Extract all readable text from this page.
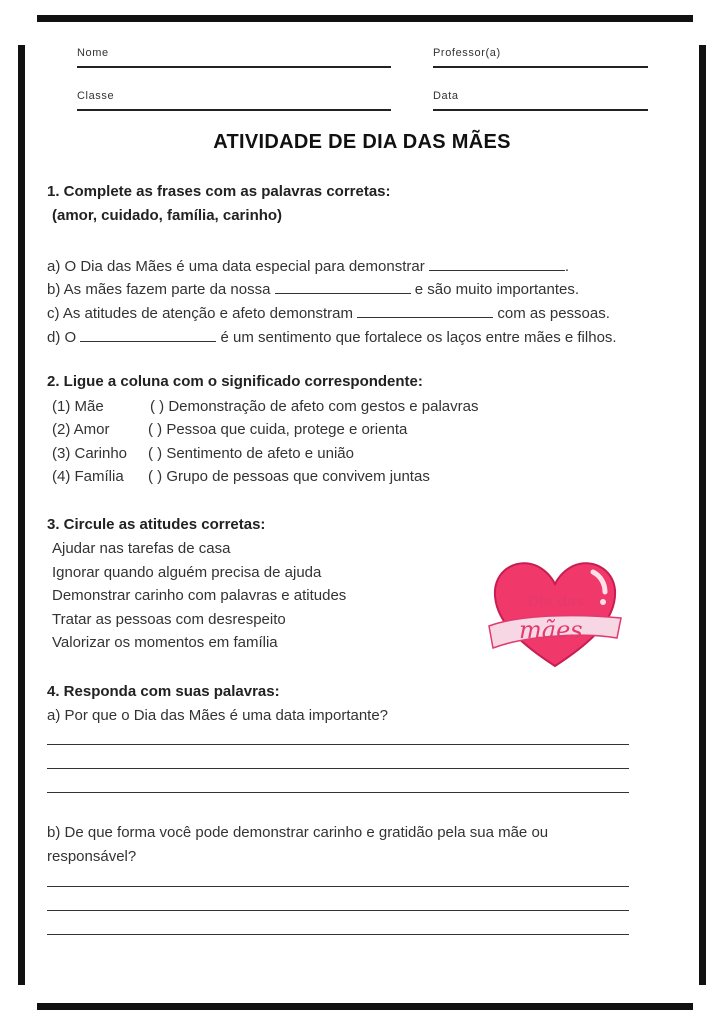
Nome	Professor(a)
Classe	Data
ATIVIDADE DE DIA DAS MÃES
1. Complete as frases com as palavras corretas:
(amor, cuidado, família, carinho)
a) O Dia das Mães é uma data especial para demonstrar	.
b) As mães fazem parte da nossa	e são muito importantes.
c) As atitudes de atenção e afeto demonstram	com as pessoas.
d) O	é um sentimento que fortalece os laços entre mães e filhos.
2. Ligue a coluna com o significado correspondente:
(1) Mãe	( ) Demonstração de afeto com gestos e palavras
(2) Amor	( ) Pessoa que cuida, protege e orienta
(3) Carinho ( ) Sentimento de afeto e união
(4) Família ( ) Grupo de pessoas que convivem juntas
3. Circule as atitudes corretas:
Ajudar nas tarefas de casa
Ignorar quando alguém precisa de ajuda
Demonstrar carinho com palavras e atitudes
Tratar as pessoas com desrespeito
Valorizar os momentos em família
Dia das
mães
4. Responda com suas palavras:
a) Por que o Dia das Mães é uma data importante?
b) De que forma você pode demonstrar carinho e gratidão pela sua mãe ou
responsável?
